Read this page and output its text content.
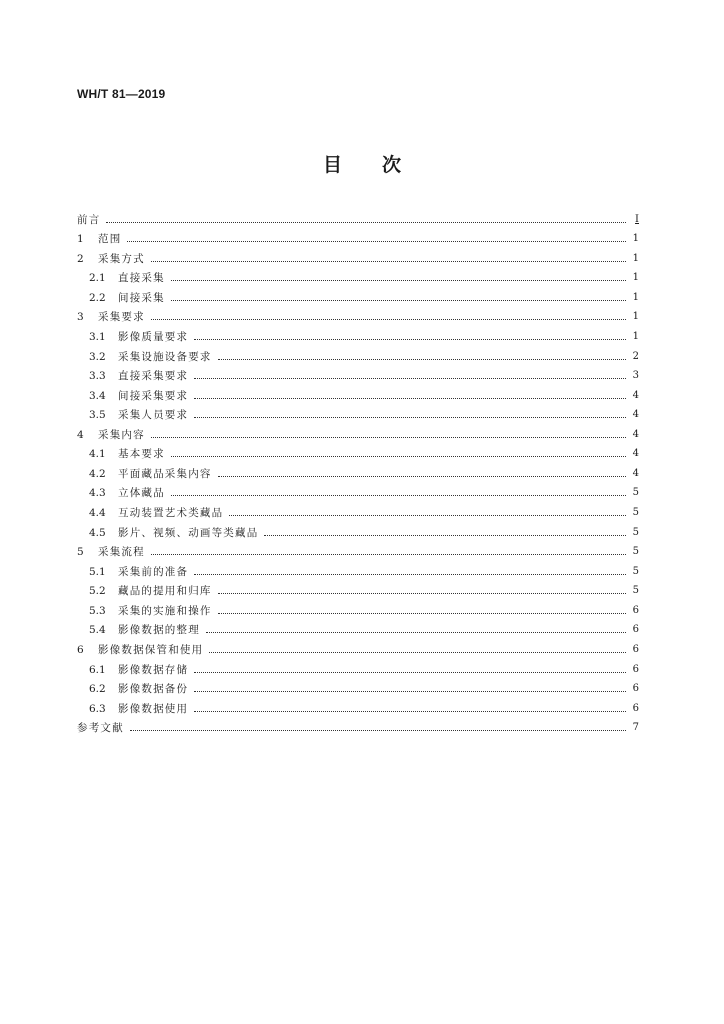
WH/T 81—2019
目次
前言	Ⅰ
1	范围	1
2	采集方式	1
2.1	直接采集	1
2.2	间接采集	1
3	采集要求	1
3.1	影像质量要求	1
3.2	采集设施设备要求	2
3.3	直接采集要求	3
3.4	间接采集要求	4
3.5	采集人员要求	4
4	采集内容	4
4.1	基本要求	4
4.2	平面藏品采集内容	4
4.3	立体藏品	5
4.4	互动装置艺术类藏品	5
4.5	影片、视频、动画等类藏品	5
5	采集流程	5
5.1	采集前的准备	5
5.2	藏品的提用和归库	5
5.3	采集的实施和操作	6
5.4	影像数据的整理	6
6	影像数据保管和使用	6
6.1	影像数据存储	6
6.2	影像数据备份	6
6.3	影像数据使用	6
参考文献	7
